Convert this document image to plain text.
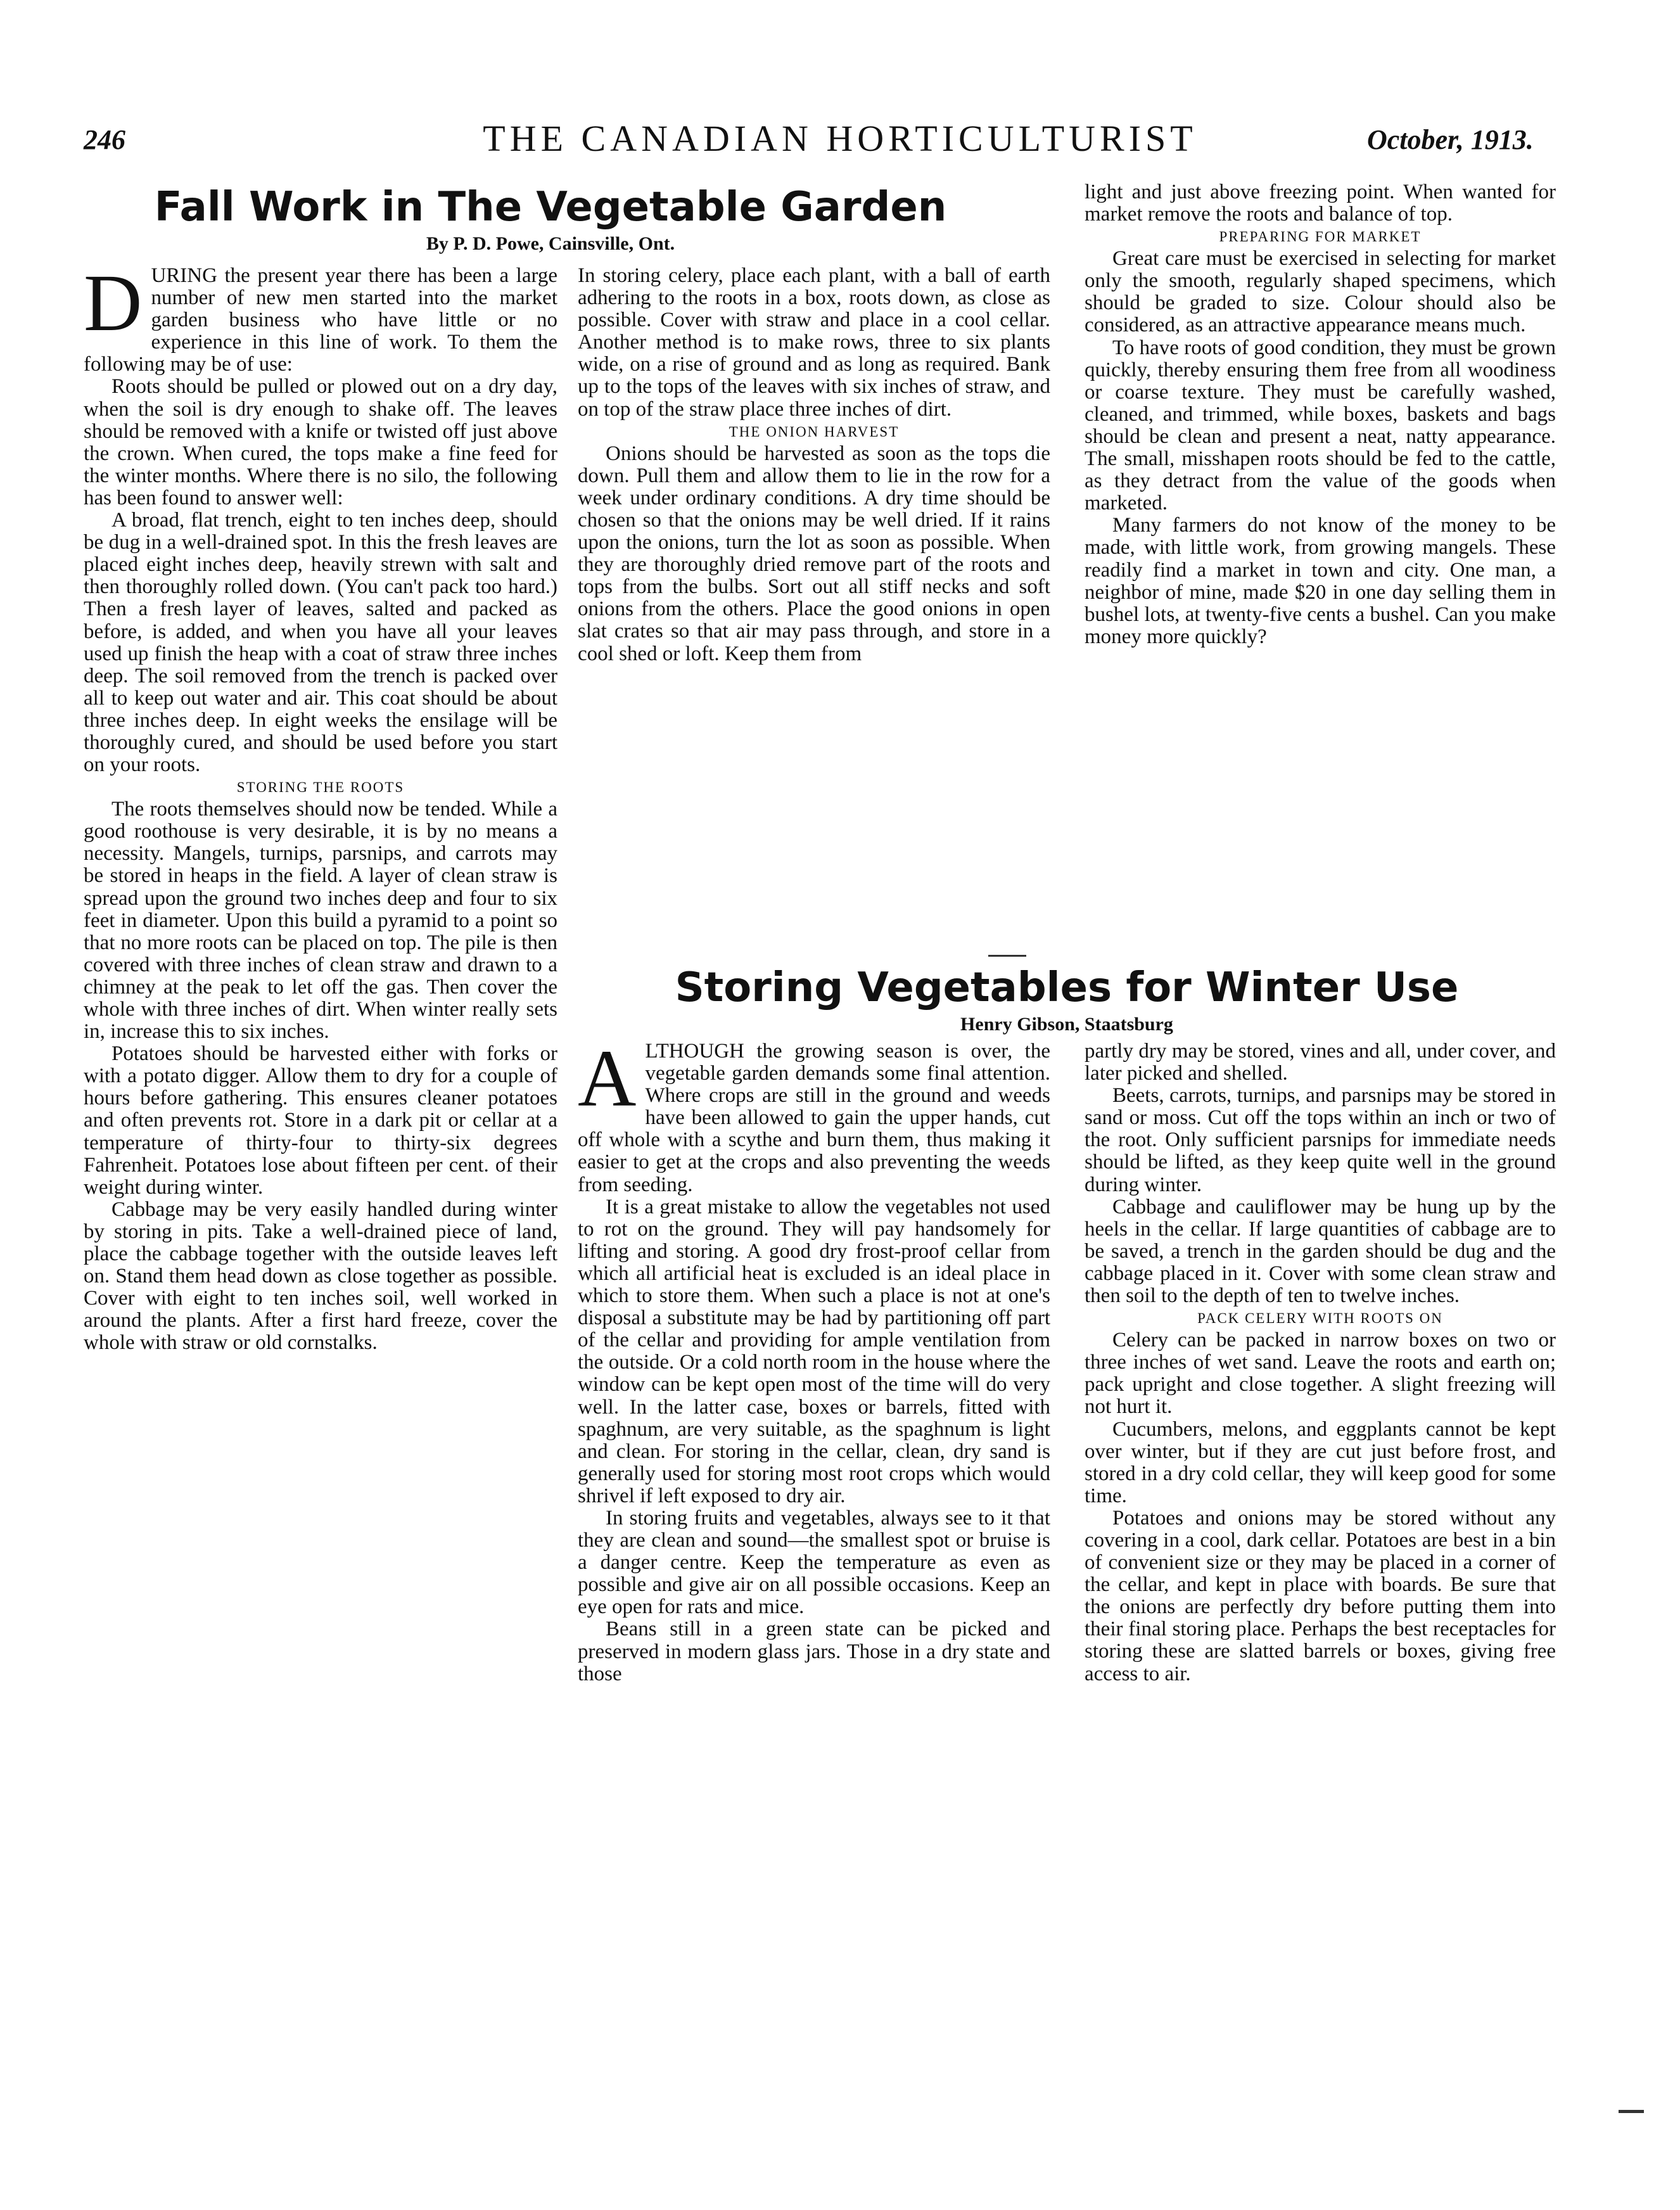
246	THE CANADIAN HORTICULTURIST	October, 1913.
Fall Work in The Vegetable Garden
By P. D. Powe, Cainsville, Ont.

DURING the present year there has been a large number of new men started into the market garden business who have little or no experience in this line of work. To them the following may be of use:

Roots should be pulled or plowed out on a dry day, when the soil is dry enough to shake off. The leaves should be removed with a knife or twisted off just above the crown. When cured, the tops make a fine feed for the winter months. Where there is no silo, the following has been found to answer well:

A broad, flat trench, eight to ten inches deep, should be dug in a well-drained spot. In this the fresh leaves are placed eight inches deep, heavily strewn with salt and then thoroughly rolled down. (You can't pack too hard.) Then a fresh layer of leaves, salted and packed as before, is added, and when you have all your leaves used up finish the heap with a coat of straw three inches deep. The soil removed from the trench is packed over all to keep out water and air. This coat should be about three inches deep. In eight weeks the ensilage will be thoroughly cured, and should be used before you start on your roots.

STORING THE ROOTS

The roots themselves should now be tended. While a good roothouse is very desirable, it is by no means a necessity. Mangels, turnips, parsnips, and carrots may be stored in heaps in the field. A layer of clean straw is spread upon the ground two inches deep and four to six feet in diameter. Upon this build a pyramid to a point so that no more roots can be placed on top. The pile is then covered with three inches of clean straw and drawn to a chimney at the peak to let off the gas. Then cover the whole with three inches of dirt. When winter really sets in, increase this to six inches.

Potatoes should be harvested either with forks or with a potato digger. Allow them to dry for a couple of hours before gathering. This ensures cleaner potatoes and often prevents rot. Store in a dark pit or cellar at a temperature of thirty-four to thirty-six degrees Fahrenheit. Potatoes lose about fifteen per cent. of their weight during winter.

Cabbage may be very easily handled during winter by storing in pits. Take a well-drained piece of land, place the cabbage together with the outside leaves left on. Stand them head down as close together as possible. Cover with eight to ten inches soil, well worked in around the plants. After a first hard freeze, cover the whole with straw or old cornstalks.

In storing celery, place each plant, with a ball of earth adhering to the roots in a box, roots down, as close as possible. Cover with straw and place in a cool cellar. Another method is to make rows, three to six plants wide, on a rise of ground and as long as required. Bank up to the tops of the leaves with six inches of straw, and on top of the straw place three inches of dirt.

THE ONION HARVEST

Onions should be harvested as soon as the tops die down. Pull them and allow them to lie in the row for a week under ordinary conditions. A dry time should be chosen so that the onions may be well dried. If it rains upon the onions, turn the lot as soon as possible. When they are thoroughly dried remove part of the roots and tops from the bulbs. Sort out all stiff necks and soft onions from the others. Place the good onions in open slat crates so that air may pass through, and store in a cool shed or loft. Keep them from

light and just above freezing point. When wanted for market remove the roots and balance of top.

PREPARING FOR MARKET

Great care must be exercised in selecting for market only the smooth, regularly shaped specimens, which should be graded to size. Colour should also be considered, as an attractive appearance means much.

To have roots of good condition, they must be grown quickly, thereby ensuring them free from all woodiness or coarse texture. They must be carefully washed, cleaned, and trimmed, while boxes, baskets and bags should be clean and present a neat, natty appearance. The small, misshapen roots should be fed to the cattle, as they detract from the value of the goods when marketed.

Many farmers do not know of the money to be made, with little work, from growing mangels. These readily find a market in town and city. One man, a neighbor of mine, made $20 in one day selling them in bushel lots, at twenty-five cents a bushel. Can you make money more quickly?

Storing Vegetables for Winter Use
Henry Gibson, Staatsburg

ALTHOUGH the growing season is over, the vegetable garden demands some final attention. Where crops are still in the ground and weeds have been allowed to gain the upper hands, cut off whole with a scythe and burn them, thus making it easier to get at the crops and also preventing the weeds from seeding.

It is a great mistake to allow the vegetables not used to rot on the ground. They will pay handsomely for lifting and storing. A good dry frost-proof cellar from which all artificial heat is excluded is an ideal place in which to store them. When such a place is not at one's disposal a substitute may be had by partitioning off part of the cellar and providing for ample ventilation from the outside. Or a cold north room in the house where the window can be kept open most of the time will do very well. In the latter case, boxes or barrels, fitted with spaghnum, are very suitable, as the spaghnum is light and clean. For storing in the cellar, clean, dry sand is generally used for storing most root crops which would shrivel if left exposed to dry air.

In storing fruits and vegetables, always see to it that they are clean and sound—the smallest spot or bruise is a danger centre. Keep the temperature as even as possible and give air on all possible occasions. Keep an eye open for rats and mice.

Beans still in a green state can be picked and preserved in modern glass jars. Those in a dry state and those

partly dry may be stored, vines and all, under cover, and later picked and shelled.

Beets, carrots, turnips, and parsnips may be stored in sand or moss. Cut off the tops within an inch or two of the root. Only sufficient parsnips for immediate needs should be lifted, as they keep quite well in the ground during winter.

Cabbage and cauliflower may be hung up by the heels in the cellar. If large quantities of cabbage are to be saved, a trench in the garden should be dug and the cabbage placed in it. Cover with some clean straw and then soil to the depth of ten to twelve inches.

PACK CELERY WITH ROOTS ON

Celery can be packed in narrow boxes on two or three inches of wet sand. Leave the roots and earth on; pack upright and close together. A slight freezing will not hurt it.

Cucumbers, melons, and eggplants cannot be kept over winter, but if they are cut just before frost, and stored in a dry cold cellar, they will keep good for some time.

Potatoes and onions may be stored without any covering in a cool, dark cellar. Potatoes are best in a bin of convenient size or they may be placed in a corner of the cellar, and kept in place with boards. Be sure that the onions are perfectly dry before putting them into their final storing place. Perhaps the best receptacles for storing these are slatted barrels or boxes, giving free access to air.
